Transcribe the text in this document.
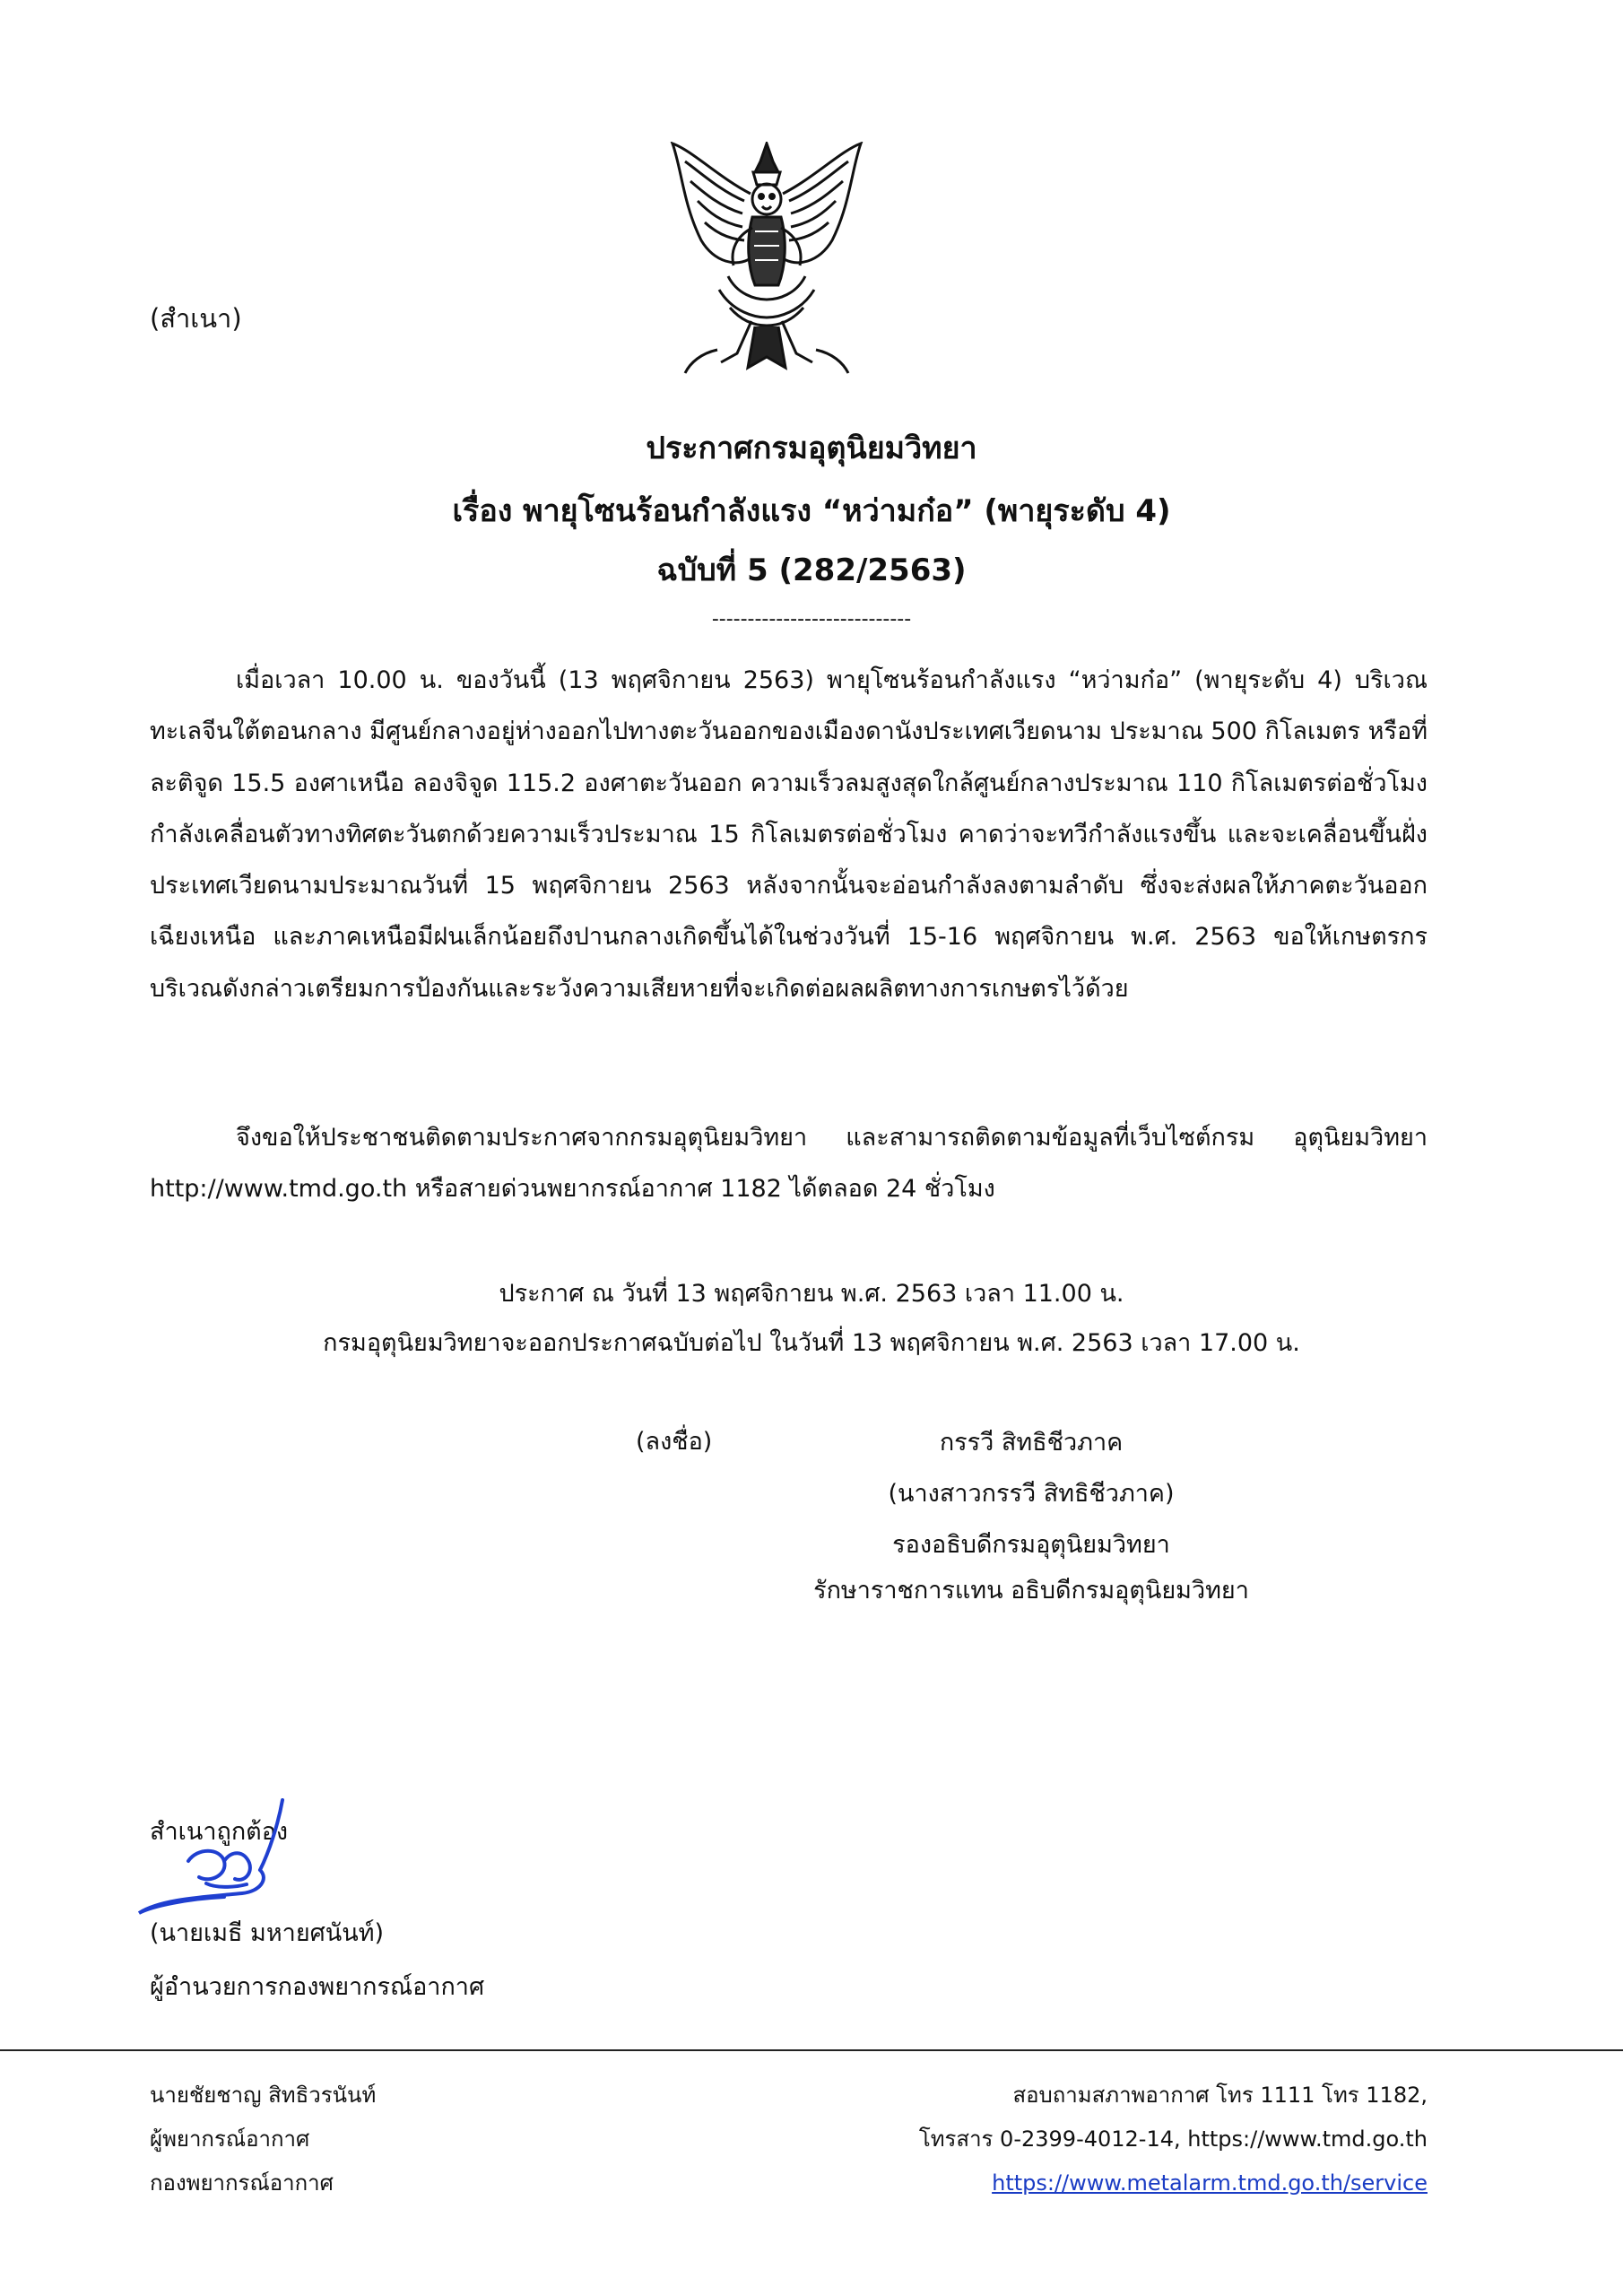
(สำเนา)
ประกาศกรมอุตุนิยมวิทยา
เรื่อง พายุโซนร้อนกำลังแรง “หว่ามก๋อ” (พายุระดับ 4)
ฉบับที่ 5 (282/2563)
----------------------------
เมื่อเวลา 10.00 น. ของวันนี้ (13 พฤศจิกายน 2563) พายุโซนร้อนกำลังแรง “หว่ามก๋อ” (พายุระดับ 4) บริเวณทะเลจีนใต้ตอนกลาง มีศูนย์กลางอยู่ห่างออกไปทางตะวันออกของเมืองดานังประเทศเวียดนาม ประมาณ 500 กิโลเมตร หรือที่ละติจูด 15.5 องศาเหนือ ลองจิจูด 115.2 องศาตะวันออก ความเร็วลมสูงสุดใกล้ศูนย์กลางประมาณ 110 กิโลเมตรต่อชั่วโมง กำลังเคลื่อนตัวทางทิศตะวันตกด้วยความเร็วประมาณ 15 กิโลเมตรต่อชั่วโมง คาดว่าจะทวีกำลังแรงขึ้น และจะเคลื่อนขึ้นฝั่งประเทศเวียดนามประมาณวันที่ 15 พฤศจิกายน 2563 หลังจากนั้นจะอ่อนกำลังลงตามลำดับ ซึ่งจะส่งผลให้ภาคตะวันออกเฉียงเหนือ และภาคเหนือมีฝนเล็กน้อยถึงปานกลางเกิดขึ้นได้ในช่วงวันที่ 15-16 พฤศจิกายน พ.ศ. 2563 ขอให้เกษตรกรบริเวณดังกล่าวเตรียมการป้องกันและระวังความเสียหายที่จะเกิดต่อผลผลิตทางการเกษตรไว้ด้วย
จึงขอให้ประชาชนติดตามประกาศจากกรมอุตุนิยมวิทยา และสามารถติดตามข้อมูลที่เว็บไซต์กรม อุตุนิยมวิทยา http://www.tmd.go.th หรือสายด่วนพยากรณ์อากาศ 1182 ได้ตลอด 24 ชั่วโมง
ประกาศ ณ วันที่ 13 พฤศจิกายน พ.ศ. 2563 เวลา 11.00 น.
กรมอุตุนิยมวิทยาจะออกประกาศฉบับต่อไป ในวันที่ 13 พฤศจิกายน พ.ศ. 2563 เวลา 17.00 น.
(ลงชื่อ)	กรรวี สิทธิชีวภาค
(นางสาวกรรวี สิทธิชีวภาค)
รองอธิบดีกรมอุตุนิยมวิทยา
รักษาราชการแทน อธิบดีกรมอุตุนิยมวิทยา
สำเนาถูกต้อง
(นายเมธี มหายศนันท์)
ผู้อำนวยการกองพยากรณ์อากาศ
นายชัยชาญ สิทธิวรนันท์
ผู้พยากรณ์อากาศ
กองพยากรณ์อากาศ
สอบถามสภาพอากาศ โทร 1111 โทร 1182,
โทรสาร 0-2399-4012-14, https://www.tmd.go.th
https://www.metalarm.tmd.go.th/service
